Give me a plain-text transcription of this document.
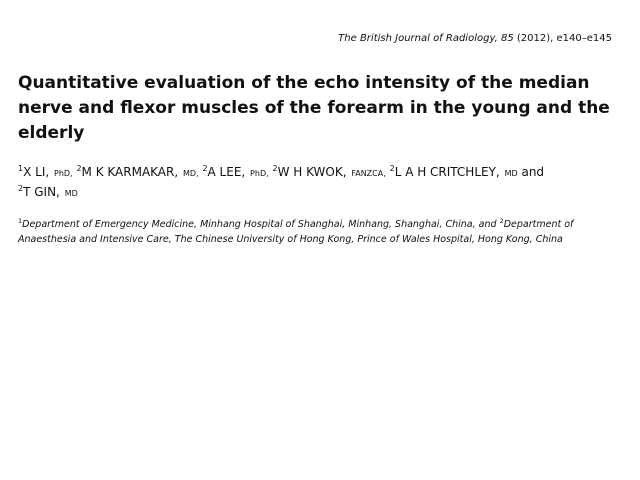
The British Journal of Radiology, 85 (2012), e140–e145
Quantitative evaluation of the echo intensity of the median nerve and flexor muscles of the forearm in the young and the elderly
$^1$X LI, PhD, $^2$M K KARMAKAR, MD, $^2$A LEE, PhD, $^2$W H KWOK, FANZCA, $^2$L A H CRITCHLEY, MD and
$^2$T GIN, MD
$^1$Department of Emergency Medicine, Minhang Hospital of Shanghai, Minhang, Shanghai, China, and $^2$Department of Anaesthesia and Intensive Care, The Chinese University of Hong Kong, Prince of Wales Hospital, Hong Kong, China
